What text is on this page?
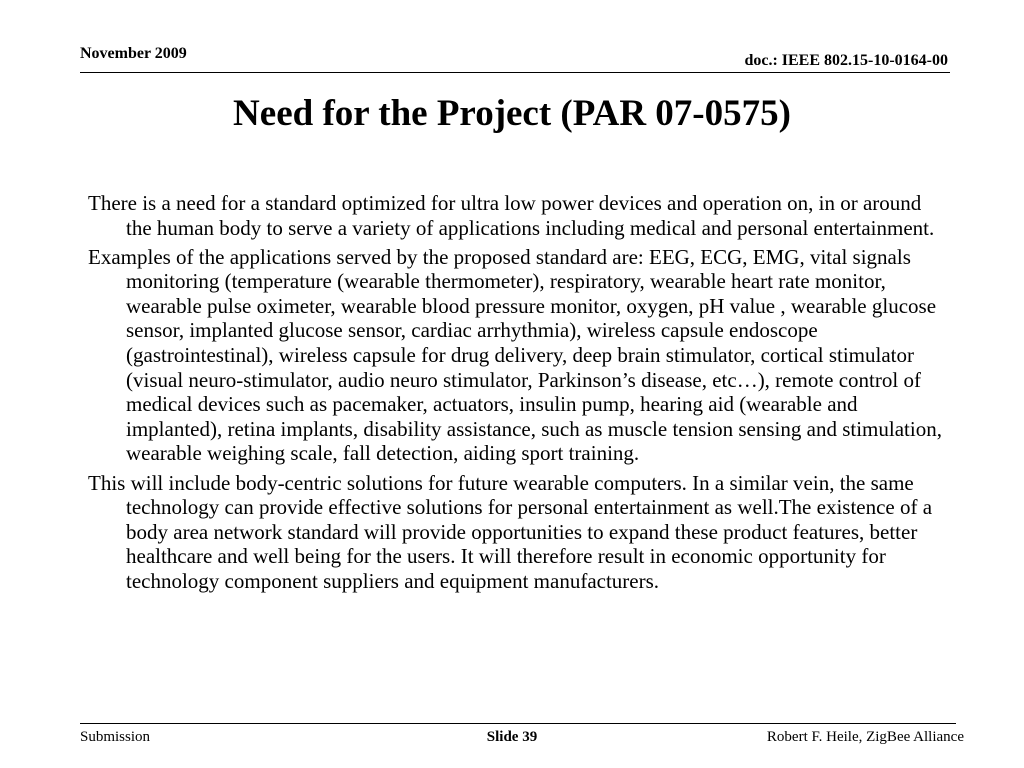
November 2009	doc.: IEEE 802.15-10-0164-00
Need for the Project (PAR 07-0575)

There is a need for a standard optimized for ultra low power devices and operation on, in or around the human body to serve a variety of applications including medical and personal entertainment.

Examples of the applications served by the proposed standard are: EEG, ECG, EMG, vital signals monitoring (temperature (wearable thermometer), respiratory, wearable heart rate monitor, wearable pulse oximeter, wearable blood pressure monitor, oxygen, pH value , wearable glucose sensor, implanted glucose sensor, cardiac arrhythmia), wireless capsule endoscope (gastrointestinal), wireless capsule for drug delivery, deep brain stimulator, cortical stimulator (visual neuro-stimulator, audio neuro stimulator, Parkinson’s disease, etc…), remote control of medical devices such as pacemaker, actuators, insulin pump, hearing aid (wearable and implanted), retina implants, disability assistance, such as muscle tension sensing and stimulation, wearable weighing scale, fall detection, aiding sport training.

This will include body-centric solutions for future wearable computers. In a similar vein, the same technology can provide effective solutions for personal entertainment as well.The existence of a body area network standard will provide opportunities to expand these product features, better healthcare and well being for the users. It will therefore result in economic opportunity for technology component suppliers and equipment manufacturers.

Submission	Slide 39	Robert F. Heile, ZigBee Alliance
